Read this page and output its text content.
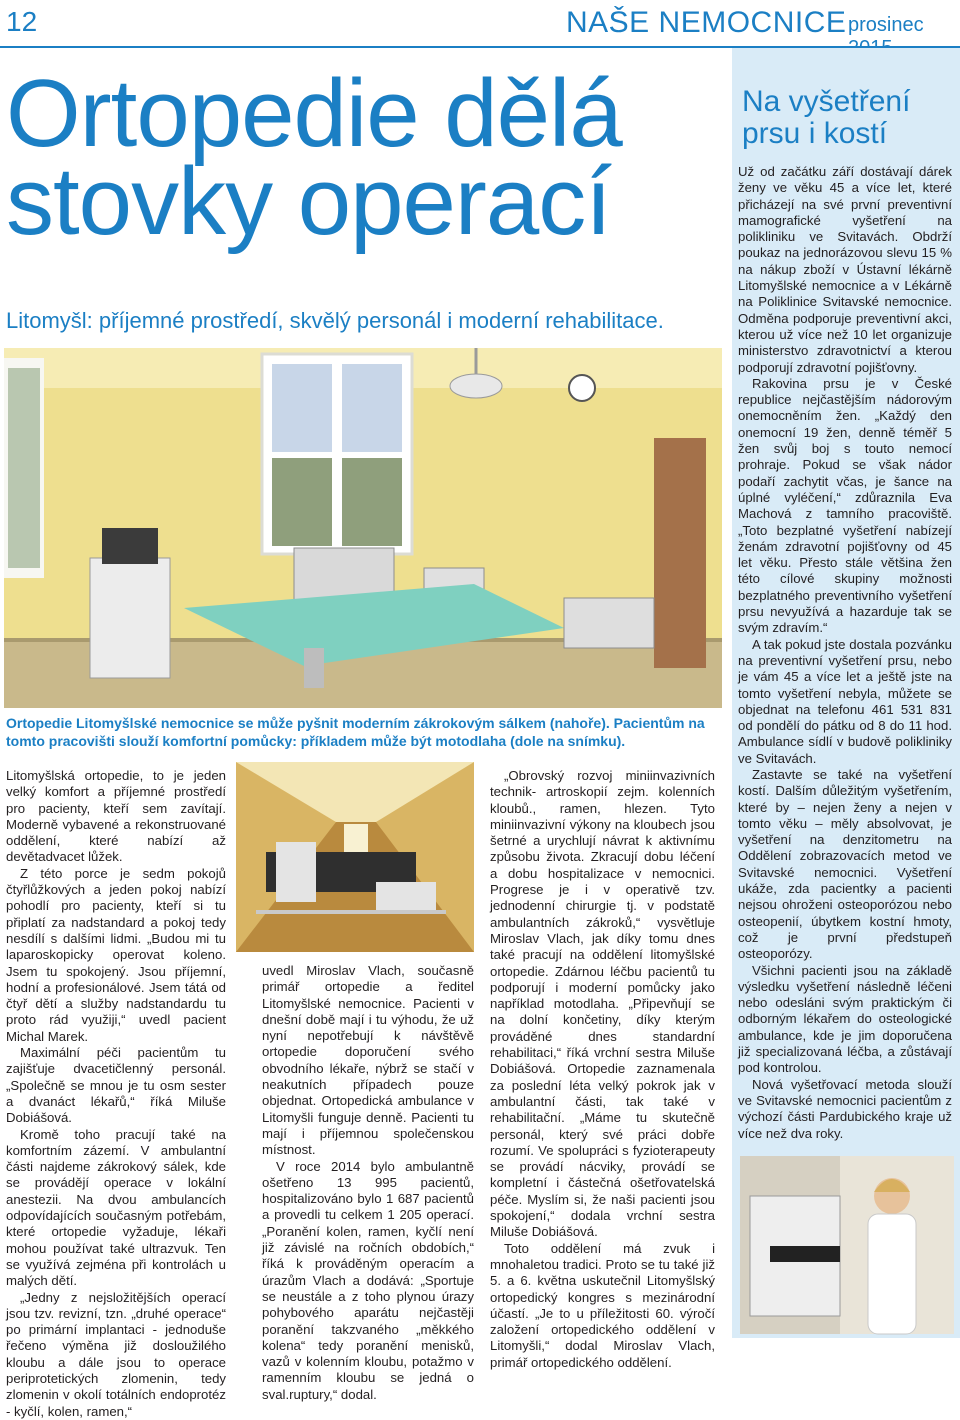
12	NAŠE NEMOCNICE prosinec
Ortopedie dělá
stovky operací
Litomyšl: příjemné prostředí, skvělý personál i moderní rehabilitace.
Ortopedie Litomyšlské nemocnice se může pyšnit moderním zákrokovým sálkem (nahoře). Pacientům na tomto pracovišti slouží komfortní pomůcky: příkladem může být motodlaha (dole na snímku).

Litomyšlská ortopedie, to je jeden velký komfort a příjemné prostředí pro pacienty, kteří sem zavítají. Moderně vybavené a rekonstruované oddělení, které nabízí až devětadvacet lůžek.

Z této porce je sedm pokojů čtyřlůžkových a jeden pokoj nabízí pohodlí pro pacienty, kteří si tu připlatí za nadstandard a pokoj tedy nesdílí s dalšími lidmi. „Budou mi tu laparoskopicky operovat koleno. Jsem tu spokojený. Jsou příjemní, hodní a profesionálové. Jsem tátá od čtyř dětí a služby nadstandardu tu proto rád využiji,“ uvedl pacient Michal Marek.

Maximální péči pacientům tu zajišťuje dvacetičlenný personál. „Společně se mnou je tu osm sester a dvanáct lékařů,“ říká Miluše Dobiášová.

Kromě toho pracují také na komfortním zázemí. V ambulantní části najdeme zákrokový sálek, kde se provádějí operace v lokální anestezii. Na dvou ambulancích odpovídajících současným potřebám, které ortopedie vyžaduje, lékaři mohou používat také ultrazvuk. Ten se využívá zejména při kontrolách u malých dětí.

„Jedny z nejsložitějších operací jsou tzv. revizní, tzn. „druhé operace“ po primární implantaci - jednoduše řečeno výměna již dosloužilého kloubu a dále jsou to operace periprotetických zlomenin, tedy zlomenin v okolí totálních endoprotéz - kyčlí, kolen, ramen,“

uvedl Miroslav Vlach, současně primář ortopedie a ředitel Litomyšlské nemocnice. Pacienti v dnešní době mají i tu výhodu, že už nyní nepotřebují k návštěvě ortopedie doporučení svého obvodního lékaře, nýbrž se stačí v neakutních případech pouze objednat. Ortopedická ambulance v Litomyšli funguje denně. Pacienti tu mají i příjemnou společenskou místnost.

V roce 2014 bylo ambulantně ošetřeno 13 995 pacientů, hospitalizováno bylo 1 687 pacientů a provedli tu celkem 1 205 operací. „Poranění kolen, ramen, kyčlí není již závislé na ročních obdobích,“ říká k prováděným operacím a úrazům Vlach a dodává: „Sportuje se neustále a z toho plynou úrazy pohybového aparátu nejčastěji poranění takzvaného „měkkého kolena“ tedy poranění menisků, vazů v kolenním kloubu, potažmo v ramenním kloubu se jedná o sval.ruptury,“ dodal.

„Obrovský rozvoj miniinvazivních technik- artroskopií zejm. kolenních kloubů., ramen, hlezen. Tyto miniinvazivní výkony na kloubech jsou šetrné a urychlují návrat k aktivnímu způsobu života. Zkracují dobu léčení a dobu hospitalizace v nemocnici. Progrese je i v operativě tzv. jednodenní chirurgie tj. v podstatě ambulantních zákroků,“ vysvětluje Miroslav Vlach, jak díky tomu dnes také pracují na oddělení litomyšlské ortopedie. Zdárnou léčbu pacientů tu podporují i moderní pomůcky jako například motodlaha. „Připevňují se na dolní končetiny, díky kterým prováděné dnes standardní rehabilitaci,“ říká vrchní sestra Miluše Dobiášová. Ortopedie zaznamenala za poslední léta velký pokrok jak v ambulantní části, tak také v rehabilitační. „Máme tu skutečně personál, který své práci dobře rozumí. Ve spolupráci s fyzioterapeuty se provádí nácviky, provádí se kompletní i částečná ošetřovatelská péče. Myslím si, že naši pacienti jsou spokojení,“ dodala vrchní sestra Miluše Dobiášová.

Toto oddělení má zvuk i mnohaletou tradici. Proto se tu také již 5. a 6. května uskutečnil Litomyšlský ortopedický kongres s mezinárodní účastí. „Je to u příležitosti 60. výročí založení ortopedického oddělení v Litomyšli,“ dodal Miroslav Vlach, primář ortopedického oddělení.

Na vyšetření
prsu i kostí

Už od začátku září dostávají dárek ženy ve věku 45 a více let, které přicházejí na své první preventivní mamografické vyšetření na polikliniku ve Svitavách. Obdrží poukaz na jednorázovou slevu 15 % na nákup zboží v Ústavní lékárně Litomyšlské nemocnice a v Lékárně na Poliklinice Svitavské nemocnice. Odměna podporuje preventivní akci, kterou už více než 10 let organizuje ministerstvo zdravotnictví a kterou podporují zdravotní pojišťovny.

Rakovina prsu je v České republice nejčastějším nádorovým onemocněním žen. „Každý den onemocní 19 žen, denně téměř 5 žen svůj boj s touto nemocí prohraje. Pokud se však nádor podaří zachytit včas, je šance na úplné vyléčení,“ zdůraznila Eva Machová z tamního pracoviště. „Toto bezplatné vyšetření nabízejí ženám zdravotní pojišťovny od 45 let věku. Přesto stále většina žen této cílové skupiny možnosti bezplatného preventivního vyšetření prsu nevyužívá a hazarduje tak se svým zdravím.“

A tak pokud jste dostala pozvánku na preventivní vyšetření prsu, nebo je vám 45 a více let a ještě jste na tomto vyšetření nebyla, můžete se objednat na telefonu 461 531 831 od pondělí do pátku od 8 do 11 hod. Ambulance sídlí v budově polikliniky ve Svitavách.

Zastavte se také na vyšetření kostí. Dalším důležitým vyšetřením, které by – nejen ženy a nejen v tomto věku – měly absolvovat, je vyšetření na denzitometru na Oddělení zobrazovacích metod ve Svitavské nemocnici. Vyšetření ukáže, zda pacientky a pacienti nejsou ohroženi osteoporózou nebo osteopenií, úbytkem kostní hmoty, což je první předstupeň osteoporózy.

Všichni pacienti jsou na základě výsledku vyšetření následně léčeni nebo odesláni svým praktickým či odborným lékařem do osteologické ambulance, kde je jim doporučena již specializovaná léčba, a zůstávají pod kontrolou.

Nová vyšetřovací metoda slouží ve Svitavské nemocnici pacientům z výchozí části Pardubického kraje už více než dva roky.
